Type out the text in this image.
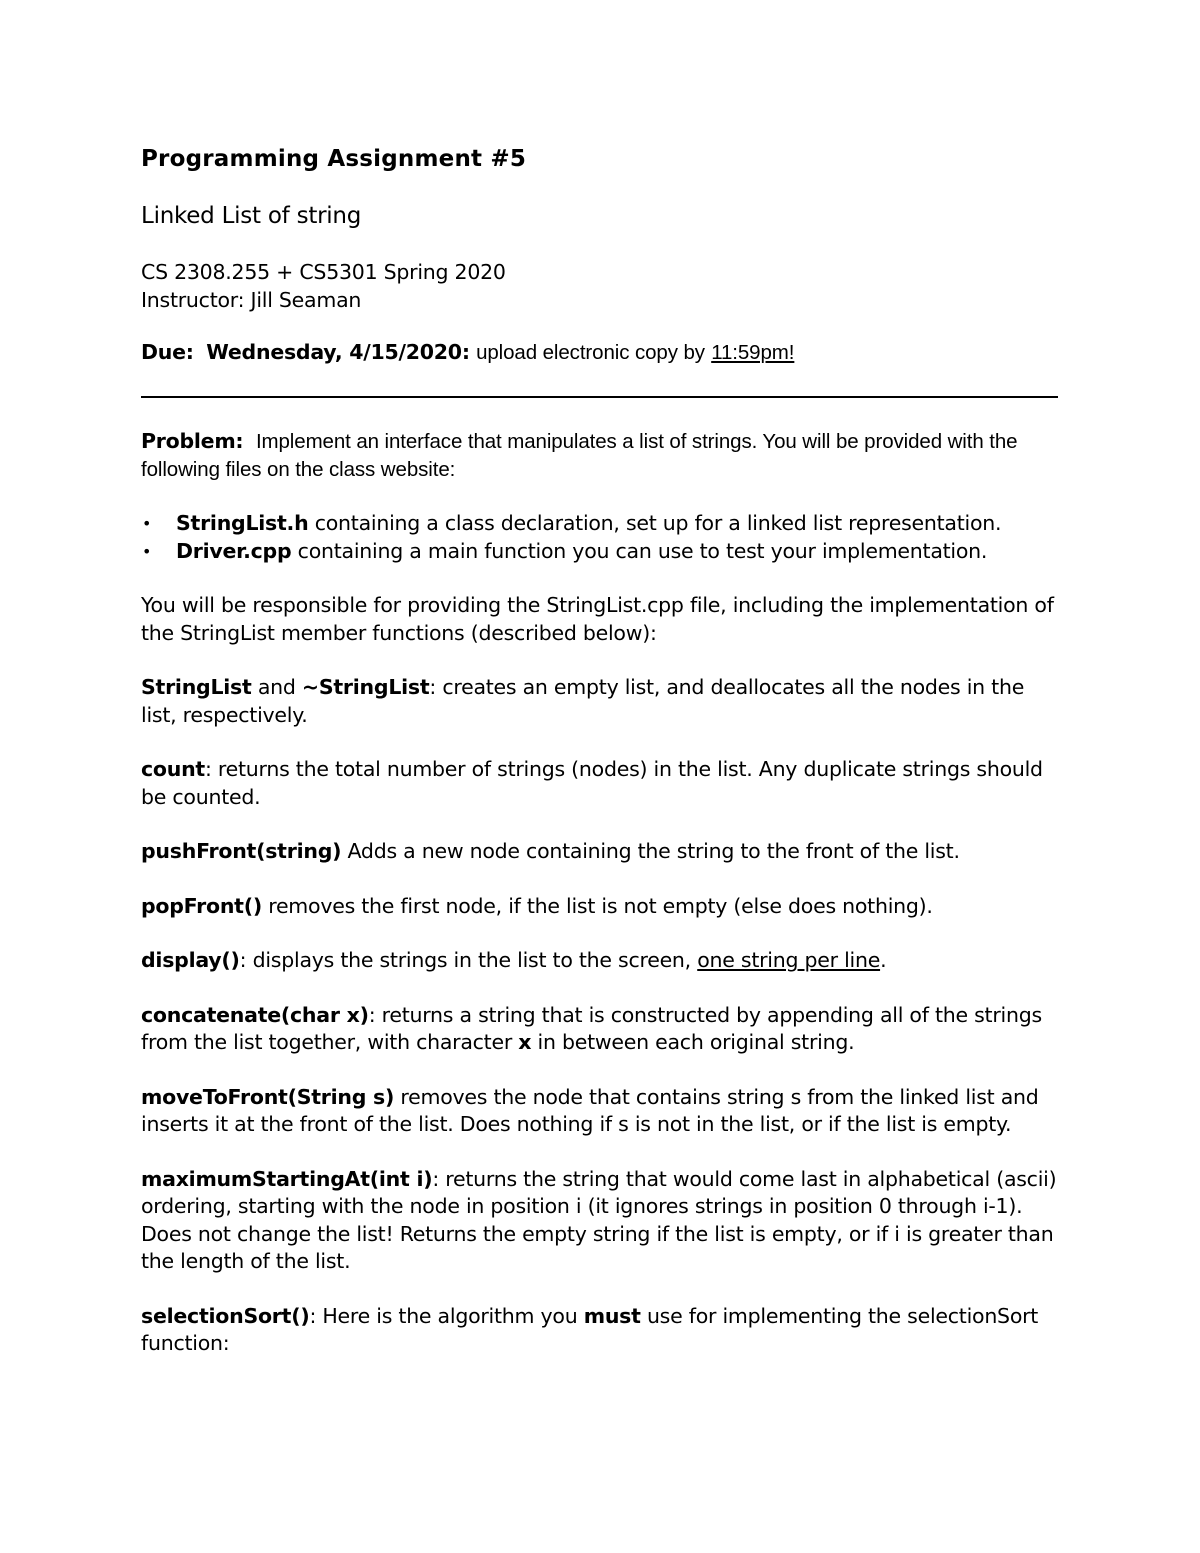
Programming Assignment #5
Linked List of string
CS 2308.255 + CS5301 Spring 2020
Instructor: Jill Seaman
Due: Wednesday, 4/15/2020: upload electronic copy by 11:59pm!

Problem: Implement an interface that manipulates a list of strings. You will be provided with the following files on the class website:

• StringList.h containing a class declaration, set up for a linked list representation.
• Driver.cpp containing a main function you can use to test your implementation.

You will be responsible for providing the StringList.cpp file, including the implementation of the StringList member functions (described below):

StringList and ~StringList: creates an empty list, and deallocates all the nodes in the list, respectively.

count: returns the total number of strings (nodes) in the list. Any duplicate strings should be counted.

pushFront(string) Adds a new node containing the string to the front of the list.

popFront() removes the first node, if the list is not empty (else does nothing).

display(): displays the strings in the list to the screen, one string per line.

concatenate(char x): returns a string that is constructed by appending all of the strings from the list together, with character x in between each original string.

moveToFront(String s) removes the node that contains string s from the linked list and inserts it at the front of the list. Does nothing if s is not in the list, or if the list is empty.

maximumStartingAt(int i): returns the string that would come last in alphabetical (ascii) ordering, starting with the node in position i (it ignores strings in position 0 through i-1). Does not change the list! Returns the empty string if the list is empty, or if i is greater than the length of the list.

selectionSort(): Here is the algorithm you must use for implementing the selectionSort function:
